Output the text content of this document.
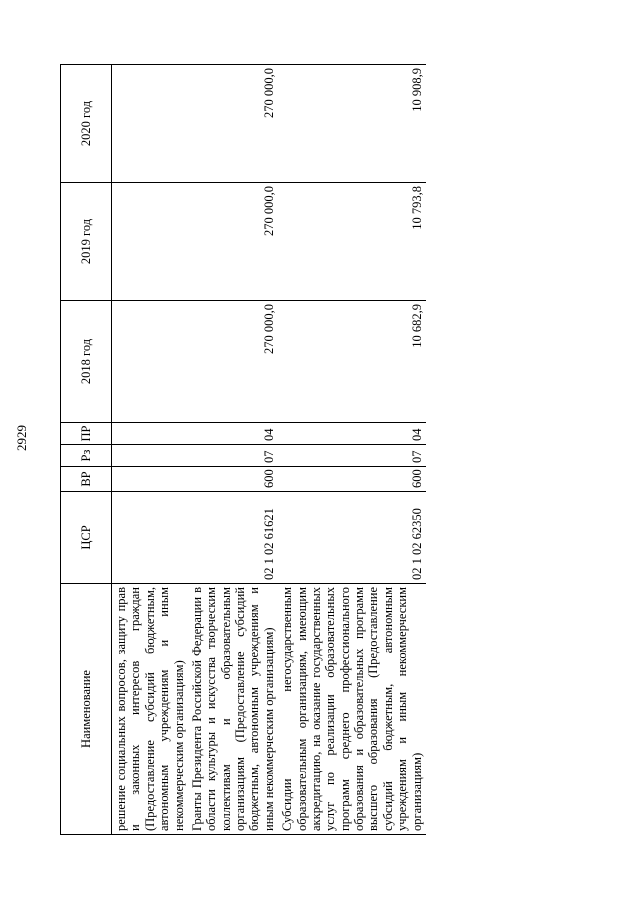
2929
Наименование	ЦСР	ВР	Рз	ПР	2018 год	2019 год	2020 год
решение социальных вопросов, защиту прав и законных интересов граждан (Предоставление субсидий бюджетным, автономным учреждениям и иным некоммерческим организациям)							
Гранты Президента Российской Федерации в области культуры и искусства творческим коллективам и образовательным организациям (Предоставление субсидий бюджетным, автономным учреждениям и иным некоммерческим организациям)	02 1 02 61621	600	07	04	270 000,0	270 000,0	270 000,0
Субсидии негосударственным образовательным организациям, имеющим аккредитацию, на оказание государственных услуг по реализации образовательных программ среднего профессионального образования и образовательных программ высшего образования (Предоставление субсидий бюджетным, автономным учреждениям и иным некоммерческим организациям)	02 1 02 62350	600	07	04	10 682,9	10 793,8	10 908,9
